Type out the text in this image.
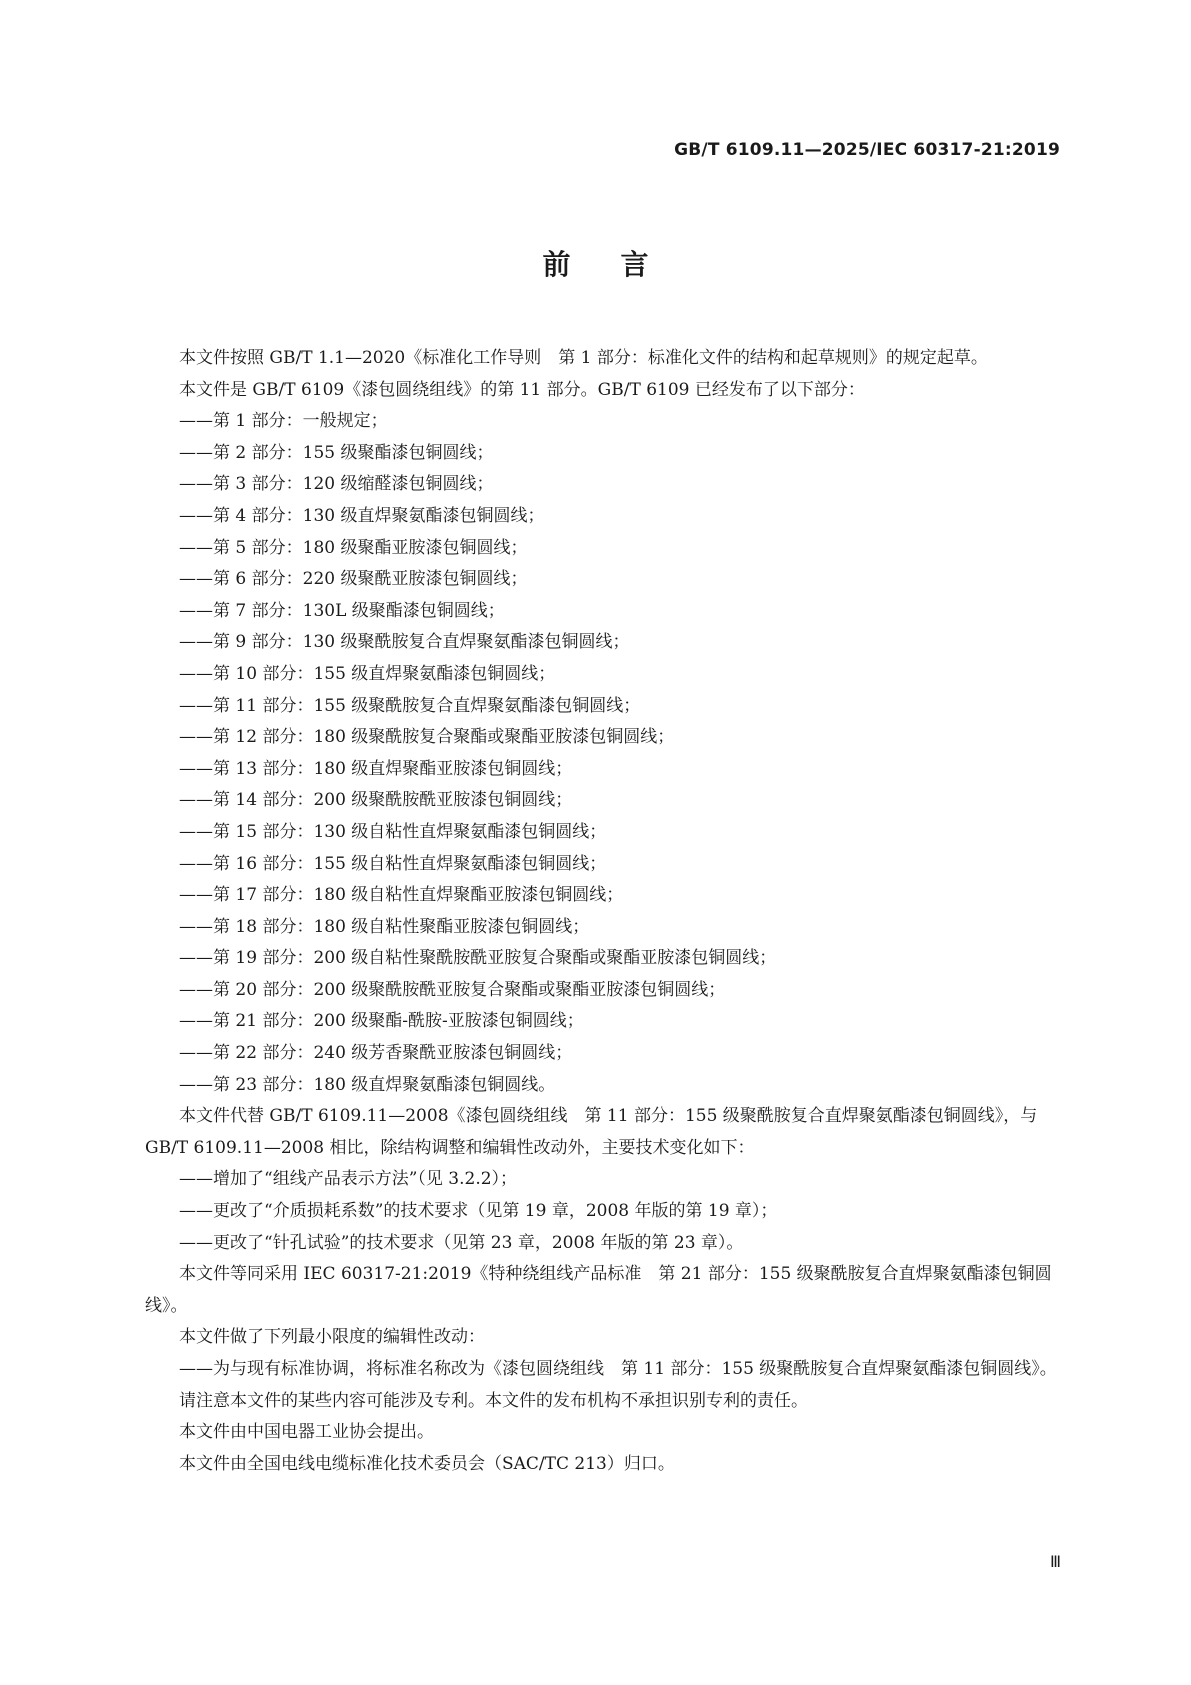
GB/T 6109.11—2025/IEC 60317-21:2019
前言

本文件按照 GB/T 1.1—2020《标准化工作导则　第 1 部分：标准化文件的结构和起草规则》的规定起草。

本文件是 GB/T 6109《漆包圆绕组线》的第 11 部分。GB/T 6109 已经发布了以下部分：

——第 1 部分：一般规定；

——第 2 部分：155 级聚酯漆包铜圆线；

——第 3 部分：120 级缩醛漆包铜圆线；

——第 4 部分：130 级直焊聚氨酯漆包铜圆线；

——第 5 部分：180 级聚酯亚胺漆包铜圆线；

——第 6 部分：220 级聚酰亚胺漆包铜圆线；

——第 7 部分：130L 级聚酯漆包铜圆线；

——第 9 部分：130 级聚酰胺复合直焊聚氨酯漆包铜圆线；

——第 10 部分：155 级直焊聚氨酯漆包铜圆线；

——第 11 部分：155 级聚酰胺复合直焊聚氨酯漆包铜圆线；

——第 12 部分：180 级聚酰胺复合聚酯或聚酯亚胺漆包铜圆线；

——第 13 部分：180 级直焊聚酯亚胺漆包铜圆线；

——第 14 部分：200 级聚酰胺酰亚胺漆包铜圆线；

——第 15 部分：130 级自粘性直焊聚氨酯漆包铜圆线；

——第 16 部分：155 级自粘性直焊聚氨酯漆包铜圆线；

——第 17 部分：180 级自粘性直焊聚酯亚胺漆包铜圆线；

——第 18 部分：180 级自粘性聚酯亚胺漆包铜圆线；

——第 19 部分：200 级自粘性聚酰胺酰亚胺复合聚酯或聚酯亚胺漆包铜圆线；

——第 20 部分：200 级聚酰胺酰亚胺复合聚酯或聚酯亚胺漆包铜圆线；

——第 21 部分：200 级聚酯-酰胺-亚胺漆包铜圆线；

——第 22 部分：240 级芳香聚酰亚胺漆包铜圆线；

——第 23 部分：180 级直焊聚氨酯漆包铜圆线。

本文件代替 GB/T 6109.11—2008《漆包圆绕组线　第 11 部分：155 级聚酰胺复合直焊聚氨酯漆包铜圆线》，与 GB/T 6109.11—2008 相比，除结构调整和编辑性改动外，主要技术变化如下：

——增加了“组线产品表示方法”（见 3.2.2）；

——更改了“介质损耗系数”的技术要求（见第 19 章，2008 年版的第 19 章）；

——更改了“针孔试验”的技术要求（见第 23 章，2008 年版的第 23 章）。

本文件等同采用 IEC 60317-21:2019《特种绕组线产品标准　第 21 部分：155 级聚酰胺复合直焊聚氨酯漆包铜圆线》。

本文件做了下列最小限度的编辑性改动：

——为与现有标准协调，将标准名称改为《漆包圆绕组线　第 11 部分：155 级聚酰胺复合直焊聚氨酯漆包铜圆线》。

请注意本文件的某些内容可能涉及专利。本文件的发布机构不承担识别专利的责任。

本文件由中国电器工业协会提出。

本文件由全国电线电缆标准化技术委员会（SAC/TC 213）归口。

Ⅲ
